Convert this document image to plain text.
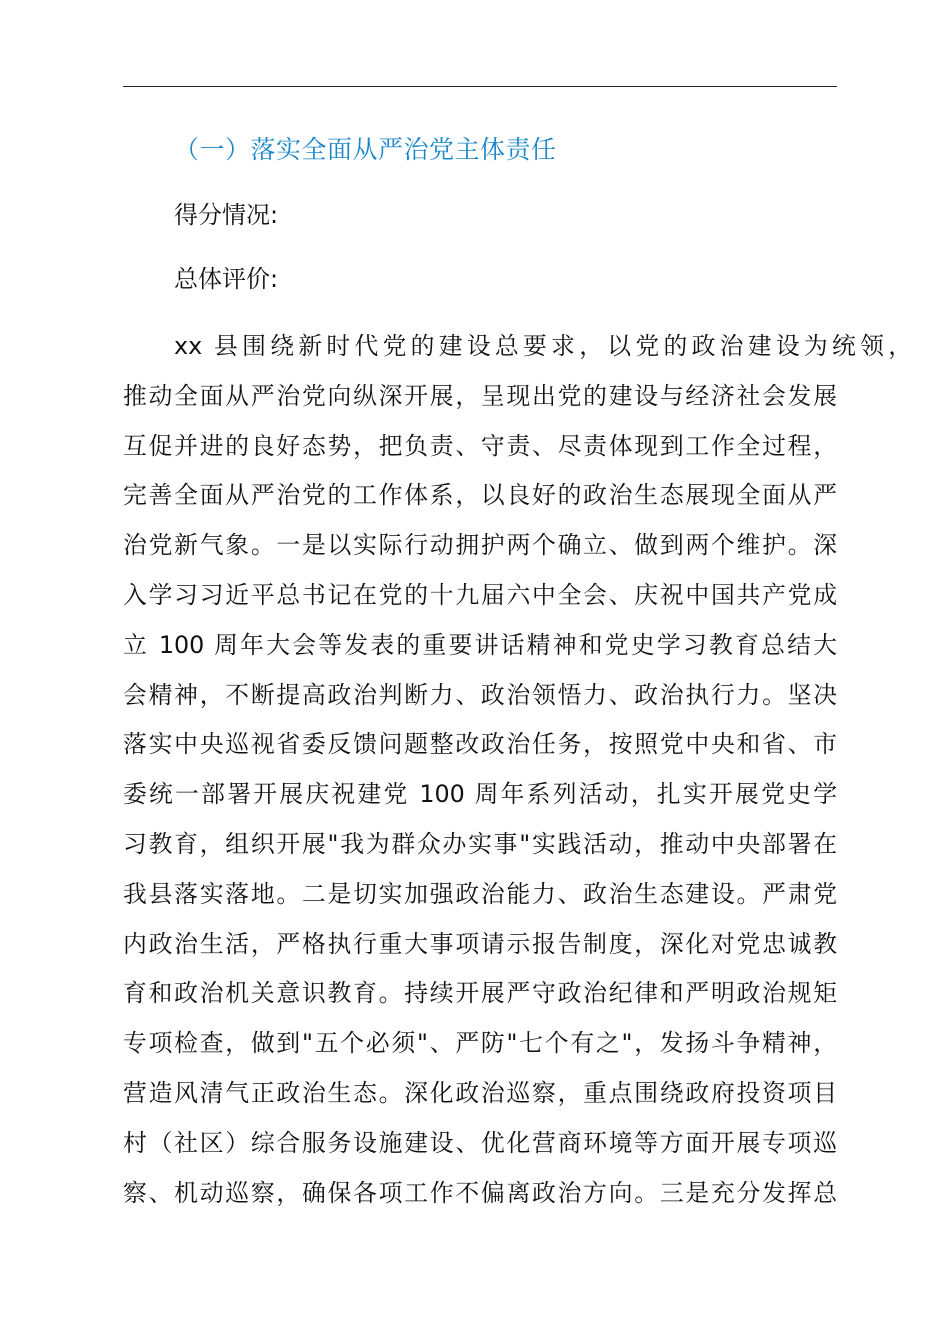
（一）落实全面从严治党主体责任
得分情况:
总体评价:
xx 县围绕新时代党的建设总要求，以党的政治建设为统领，
推动全面从严治党向纵深开展，呈现出党的建设与经济社会发展
互促并进的良好态势，把负责、守责、尽责体现到工作全过程，
完善全面从严治党的工作体系，以良好的政治生态展现全面从严
治党新气象。一是以实际行动拥护两个确立、做到两个维护。深
入学习习近平总书记在党的十九届六中全会、庆祝中国共产党成
立 100 周年大会等发表的重要讲话精神和党史学习教育总结大
会精神，不断提高政治判断力、政治领悟力、政治执行力。坚决
落实中央巡视省委反馈问题整改政治任务，按照党中央和省、市
委统一部署开展庆祝建党 100 周年系列活动，扎实开展党史学
习教育，组织开展"我为群众办实事"实践活动，推动中央部署在
我县落实落地。二是切实加强政治能力、政治生态建设。严肃党
内政治生活，严格执行重大事项请示报告制度，深化对党忠诚教
育和政治机关意识教育。持续开展严守政治纪律和严明政治规矩
专项检查，做到"五个必须"、严防"七个有之"，发扬斗争精神，
营造风清气正政治生态。深化政治巡察，重点围绕政府投资项目
村（社区）综合服务设施建设、优化营商环境等方面开展专项巡
察、机动巡察，确保各项工作不偏离政治方向。三是充分发挥总
